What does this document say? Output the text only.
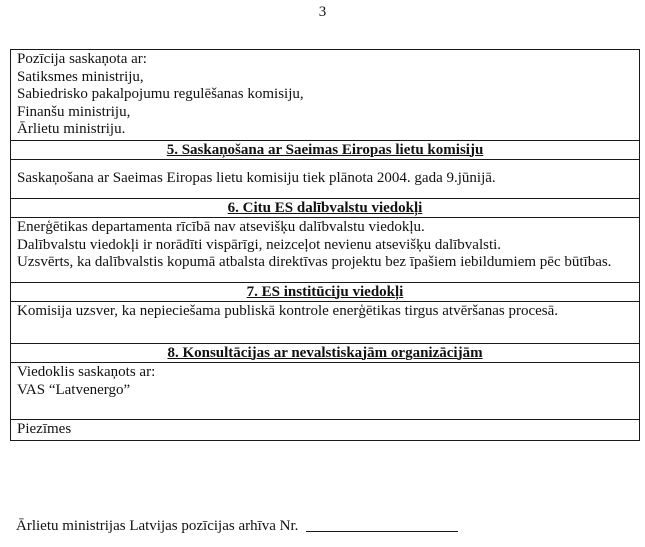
3
Pozīcija saskaņota ar:
Satiksmes ministriju,
Sabiedrisko pakalpojumu regulēšanas komisiju,
Finanšu ministriju,
Ārlietu ministriju.

5. Saskaņošana ar Saeimas Eiropas lietu komisiju
Saskaņošana ar Saeimas Eiropas lietu komisiju tiek plānota 2004. gada 9.jūnijā.
6. Citu ES dalībvalstu viedokļi

Enerģētikas departamenta rīcībā nav atsevišķu dalībvalstu viedokļu.
Dalībvalstu viedokļi ir norādīti vispārīgi, neizceļot nevienu atsevišķu dalībvalsti.
Uzsvērts, ka dalībvalstis kopumā atbalsta direktīvas projektu bez īpašiem iebildumiem pēc būtības.

7. ES institūciju viedokļi
Komisija uzsver, ka nepieciešama publiskā kontrole enerģētikas tirgus atvēršanas procesā.
8. Konsultācijas ar nevalstiskajām organizācijām

Viedoklis saskaņots ar:
VAS “Latvenergo”

Piezīmes
Ārlietu ministrijas Latvijas pozīcijas arhīva Nr.
